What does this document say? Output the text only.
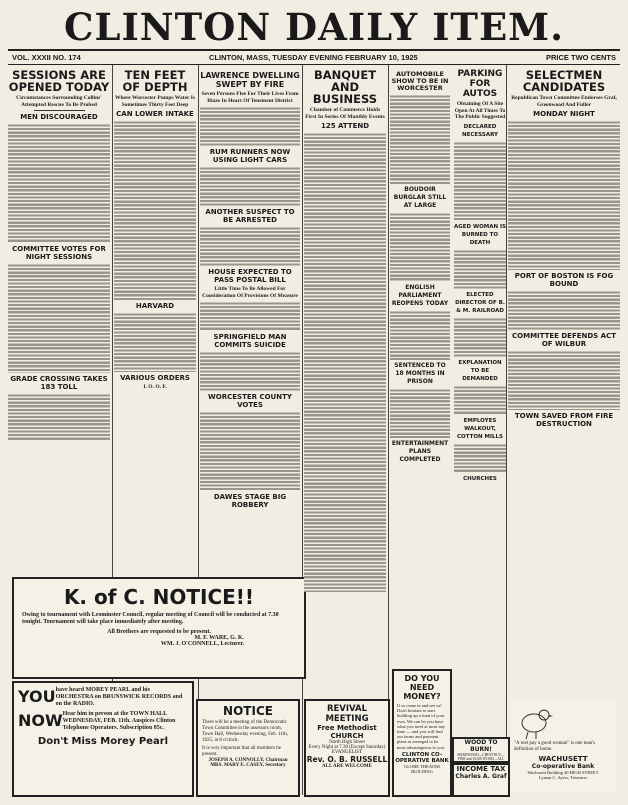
CLINTON DAILY ITEM.
VOL. XXXII NO. 174	CLINTON, MASS, TUESDAY EVENING FEBRUARY 10, 1925	PRICE TWO CENTS
SESSIONS ARE OPENED TODAY
Circumstances Surrounding Collins' Attempted Rescue To Be Probed
MEN DISCOURAGED
COMMITTEE VOTES FOR NIGHT SESSIONS
GRADE CROSSING TAKES 183 TOLL
K. of C. NOTICE!!
Owing to tournament with Leominster Council, regular meeting of Council will be conducted at 7.30 tonight. Tournament will take place immediately after meeting.
All Brothers are requested to be present.
M. F. WARE, G. K.
WM. J. O'CONNELL, Lecturer.
YOU have heard MOREY PEARL and his ORCHESTRA on BRUNSWICK RECORDS and on the RADIO.
NOW Hear him in person at the TOWN HALL WEDNESDAY, FEB. 11th. Auspices Clinton Telephone Operators. Subscription 85c.
Don't Miss Morey Pearl
TEN FEET OF DEPTH
Where Worcester Pumps Water Is Sometimes Thirty Feet Deep
CAN LOWER INTAKE
HARVARD
VARIOUS ORDERS
I. O. O. F.
LAWRENCE DWELLING SWEPT BY FIRE
Seven Persons Flee For Their Lives From Blaze In Heart Of Tenement District
RUM RUNNERS NOW USING LIGHT CARS
ANOTHER SUSPECT TO BE ARRESTED
HOUSE EXPECTED TO PASS POSTAL BILL
Little Time To Be Allowed For Consideration Of Provisions Of Measure
SPRINGFIELD MAN COMMITS SUICIDE
WORCESTER COUNTY VOTES
DAWES STAGE BIG ROBBERY
NOTICE
There will be a meeting of the Democratic Town Committee in the assessors room, Town Hall, Wednesday evening, Feb. 11th, 1925, at 8 o'clock.
It is very important that all members be present.
JOSEPH A. CONNOLLY, Chairman
MRS. MARY E. CASEY, Secretary
BANQUET AND BUSINESS
Chamber of Commerce Holds First In Series Of Monthly Events
125 ATTEND
REVIVAL MEETING
Free Methodist CHURCH
North High Street
Every Night at 7.30 (Except Saturday)
EVANGELIST
Rev. O. B. RUSSELL
ALL ARE WELCOME
AUTOMOBILE SHOW TO BE IN WORCESTER
BOUDOIR BURGLAR STILL AT LARGE
ENGLISH PARLIAMENT REOPENS TODAY
SENTENCED TO 18 MONTHS IN PRISON
ENTERTAINMENT PLANS COMPLETED
PARKING FOR AUTOS
Obtaining Of A Site Open At All Times To The Public Suggested
DECLARED NECESSARY
AGED WOMAN IS BURNED TO DEATH
ELECTED DIRECTOR OF B. & M. RAILROAD
EXPLANATION TO BE DEMANDED
EMPLOYES WALKOUT, COTTON MILLS
CHURCHES
DO YOU NEED MONEY?
If so come in and see us! Don't hesitate to start building up a fund of your own. We can let you have what you need at most any time — and you will find our terms and payment plans as arranged to be most advantageous to you.
CLINTON CO-OPERATIVE BANK
GLOBE THEATER BUILDING
WOOD TO BURN!
HARDWOOD—CHESTNUT—PINE and SLAB WOOD—ALL
INCOME TAX
Charles A. Graf
SELECTMEN CANDIDATES
Republican Town Committee Endorses Graf, Greenwood And Fuller
MONDAY NIGHT
PORT OF BOSTON IS FOG BOUND
COMMITTEE DEFENDS ACT OF WILBUR
TOWN SAVED FROM FIRE DESTRUCTION
"A reel pay a good woman" is one man's definition of home.
WACHUSETT
Co-operative Bank
Wachusett Building 40 HIGH STREET
Lyman C. Ayers, Treasurer
